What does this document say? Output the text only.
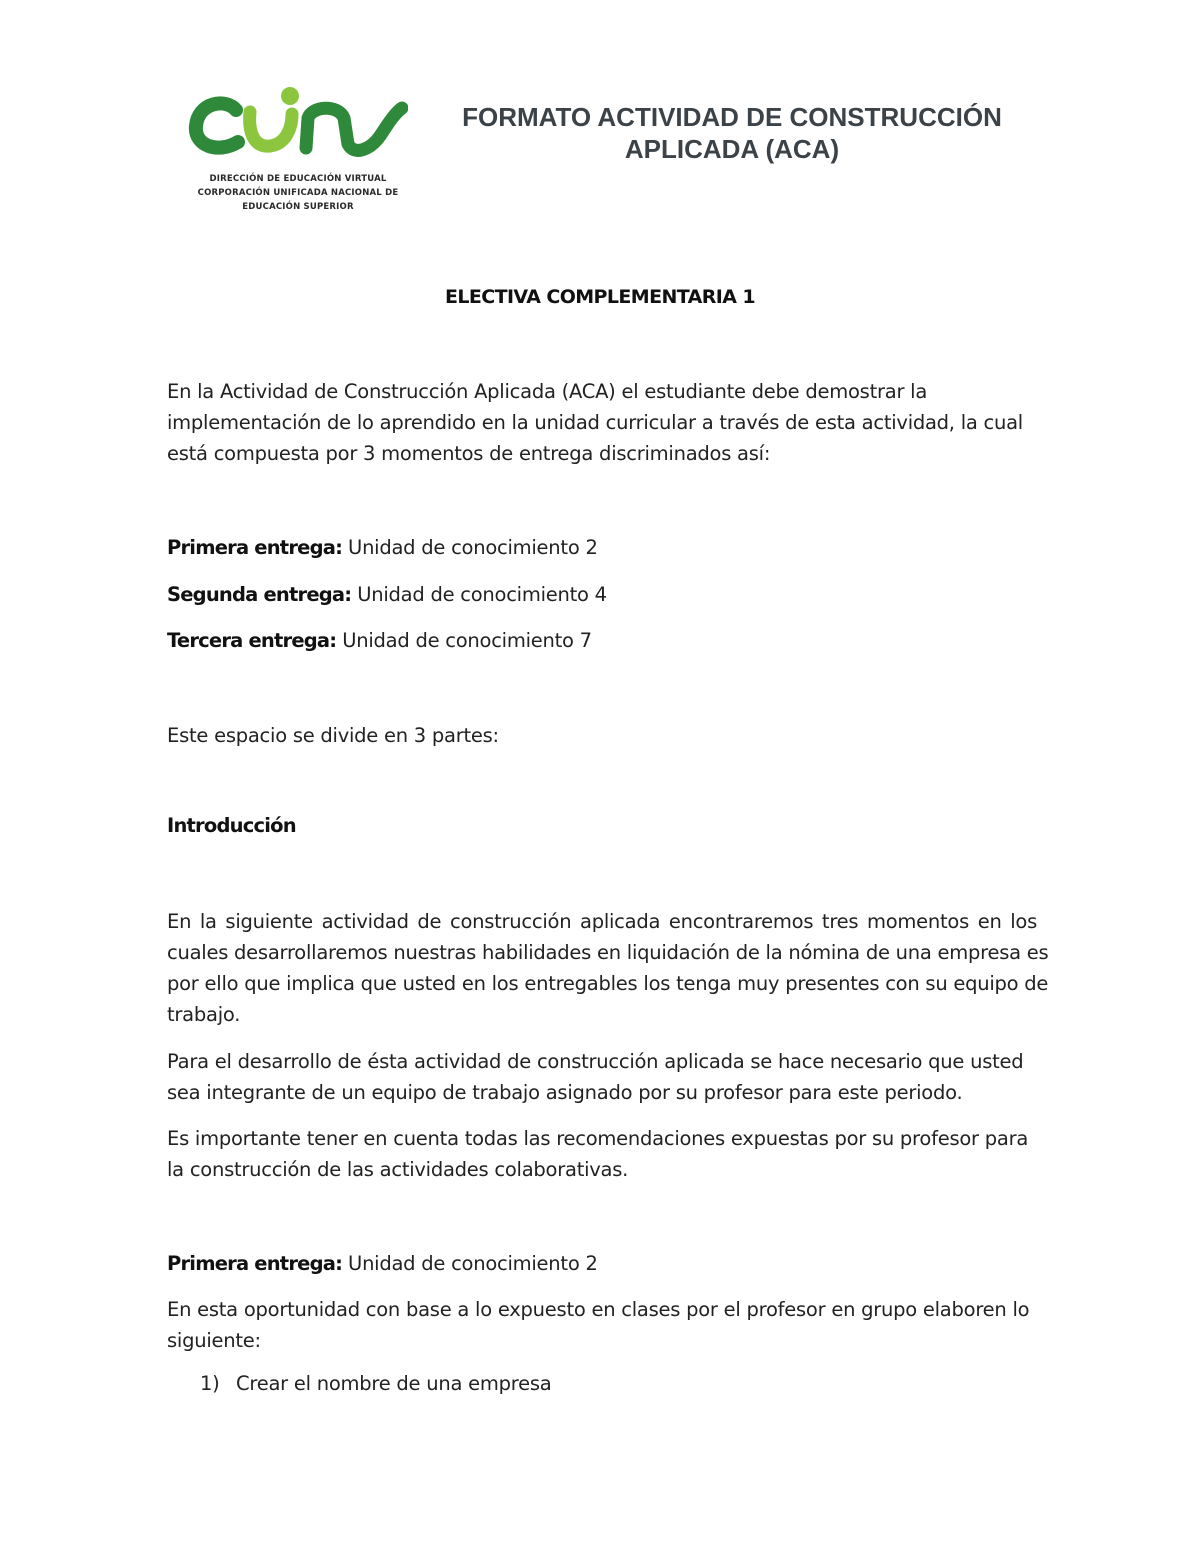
DIRECCIÓN DE EDUCACIÓN VIRTUAL
CORPORACIÓN UNIFICADA NACIONAL DE
EDUCACIÓN SUPERIOR
FORMATO ACTIVIDAD DE CONSTRUCCIÓN
APLICADA (ACA)
ELECTIVA COMPLEMENTARIA 1
En la Actividad de Construcción Aplicada (ACA) el estudiante debe demostrar la
implementación de lo aprendido en la unidad curricular a través de esta actividad, la cual
está compuesta por 3 momentos de entrega discriminados así:
Primera entrega: Unidad de conocimiento 2
Segunda entrega: Unidad de conocimiento 4
Tercera entrega: Unidad de conocimiento 7
Este espacio se divide en 3 partes:
Introducción
En la siguiente actividad de construcción aplicada encontraremos tres momentos en los
cuales desarrollaremos nuestras habilidades en liquidación de la nómina de una empresa es
por ello que implica que usted en los entregables los tenga muy presentes con su equipo de
trabajo.
Para el desarrollo de ésta actividad de construcción aplicada se hace necesario que usted
sea integrante de un equipo de trabajo asignado por su profesor para este periodo.
Es importante tener en cuenta todas las recomendaciones expuestas por su profesor para
la construcción de las actividades colaborativas.
Primera entrega: Unidad de conocimiento 2
En esta oportunidad con base a lo expuesto en clases por el profesor en grupo elaboren lo
siguiente:
1) Crear el nombre de una empresa
